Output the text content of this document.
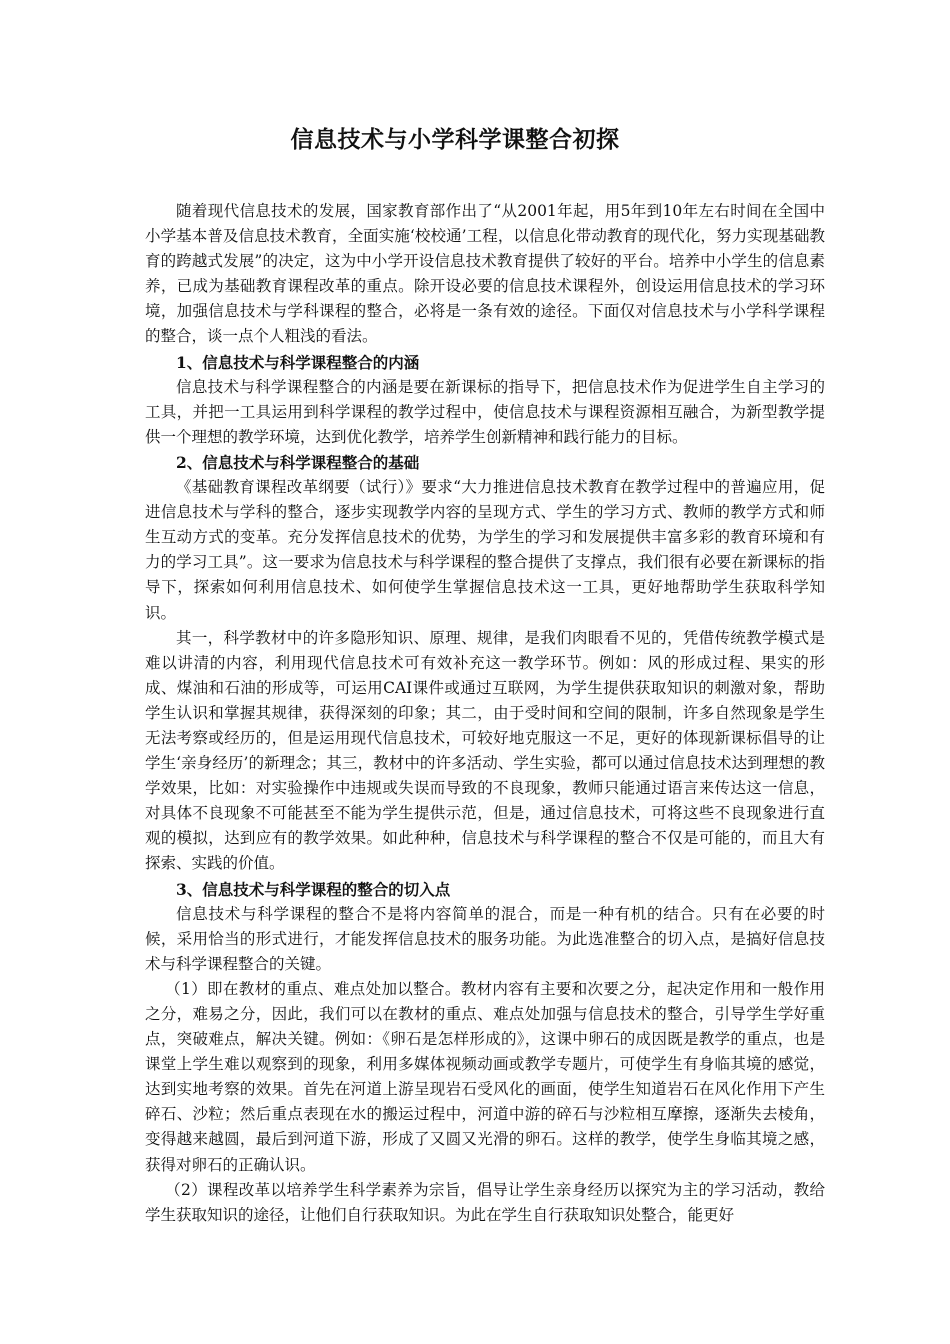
信息技术与小学科学课整合初探

随着现代信息技术的发展，国家教育部作出了“从2001年起，用5年到10年左右时间在全国中小学基本普及信息技术教育，全面实施‘校校通’工程，以信息化带动教育的现代化，努力实现基础教育的跨越式发展”的决定，这为中小学开设信息技术教育提供了较好的平台。培养中小学生的信息素养，已成为基础教育课程改革的重点。除开设必要的信息技术课程外，创设运用信息技术的学习环境，加强信息技术与学科课程的整合，必将是一条有效的途径。下面仅对信息技术与小学科学课程的整合，谈一点个人粗浅的看法。

1、信息技术与科学课程整合的内涵

信息技术与科学课程整合的内涵是要在新课标的指导下，把信息技术作为促进学生自主学习的工具，并把一工具运用到科学课程的教学过程中，使信息技术与课程资源相互融合，为新型教学提供一个理想的教学环境，达到优化教学，培养学生创新精神和践行能力的目标。

2、信息技术与科学课程整合的基础

《基础教育课程改革纲要（试行）》要求“大力推进信息技术教育在教学过程中的普遍应用，促进信息技术与学科的整合，逐步实现教学内容的呈现方式、学生的学习方式、教师的教学方式和师生互动方式的变革。充分发挥信息技术的优势，为学生的学习和发展提供丰富多彩的教育环境和有力的学习工具”。这一要求为信息技术与科学课程的整合提供了支撑点，我们很有必要在新课标的指导下，探索如何利用信息技术、如何使学生掌握信息技术这一工具，更好地帮助学生获取科学知识。

其一，科学教材中的许多隐形知识、原理、规律，是我们肉眼看不见的，凭借传统教学模式是难以讲清的内容，利用现代信息技术可有效补充这一教学环节。例如：风的形成过程、果实的形成、煤油和石油的形成等，可运用CAI课件或通过互联网，为学生提供获取知识的刺激对象，帮助学生认识和掌握其规律，获得深刻的印象；其二，由于受时间和空间的限制，许多自然现象是学生无法考察或经历的，但是运用现代信息技术，可较好地克服这一不足，更好的体现新课标倡导的让学生‘亲身经历’的新理念；其三，教材中的许多活动、学生实验，都可以通过信息技术达到理想的教学效果，比如：对实验操作中违规或失误而导致的不良现象，教师只能通过语言来传达这一信息，对具体不良现象不可能甚至不能为学生提供示范，但是，通过信息技术，可将这些不良现象进行直观的模拟，达到应有的教学效果。如此种种，信息技术与科学课程的整合不仅是可能的，而且大有探索、实践的价值。

3、信息技术与科学课程的整合的切入点

信息技术与科学课程的整合不是将内容简单的混合，而是一种有机的结合。只有在必要的时候，采用恰当的形式进行，才能发挥信息技术的服务功能。为此选准整合的切入点，是搞好信息技术与科学课程整合的关键。

（1）即在教材的重点、难点处加以整合。教材内容有主要和次要之分，起决定作用和一般作用之分，难易之分，因此，我们可以在教材的重点、难点处加强与信息技术的整合，引导学生学好重点，突破难点，解决关键。例如：《卵石是怎样形成的》，这课中卵石的成因既是教学的重点，也是课堂上学生难以观察到的现象，利用多媒体视频动画或教学专题片，可使学生有身临其境的感觉，达到实地考察的效果。首先在河道上游呈现岩石受风化的画面，使学生知道岩石在风化作用下产生碎石、沙粒；然后重点表现在水的搬运过程中，河道中游的碎石与沙粒相互摩擦，逐渐失去棱角，变得越来越圆，最后到河道下游，形成了又圆又光滑的卵石。这样的教学，使学生身临其境之感，获得对卵石的正确认识。

（2）课程改革以培养学生科学素养为宗旨，倡导让学生亲身经历以探究为主的学习活动，教给学生获取知识的途径，让他们自行获取知识。为此在学生自行获取知识处整合，能更好
